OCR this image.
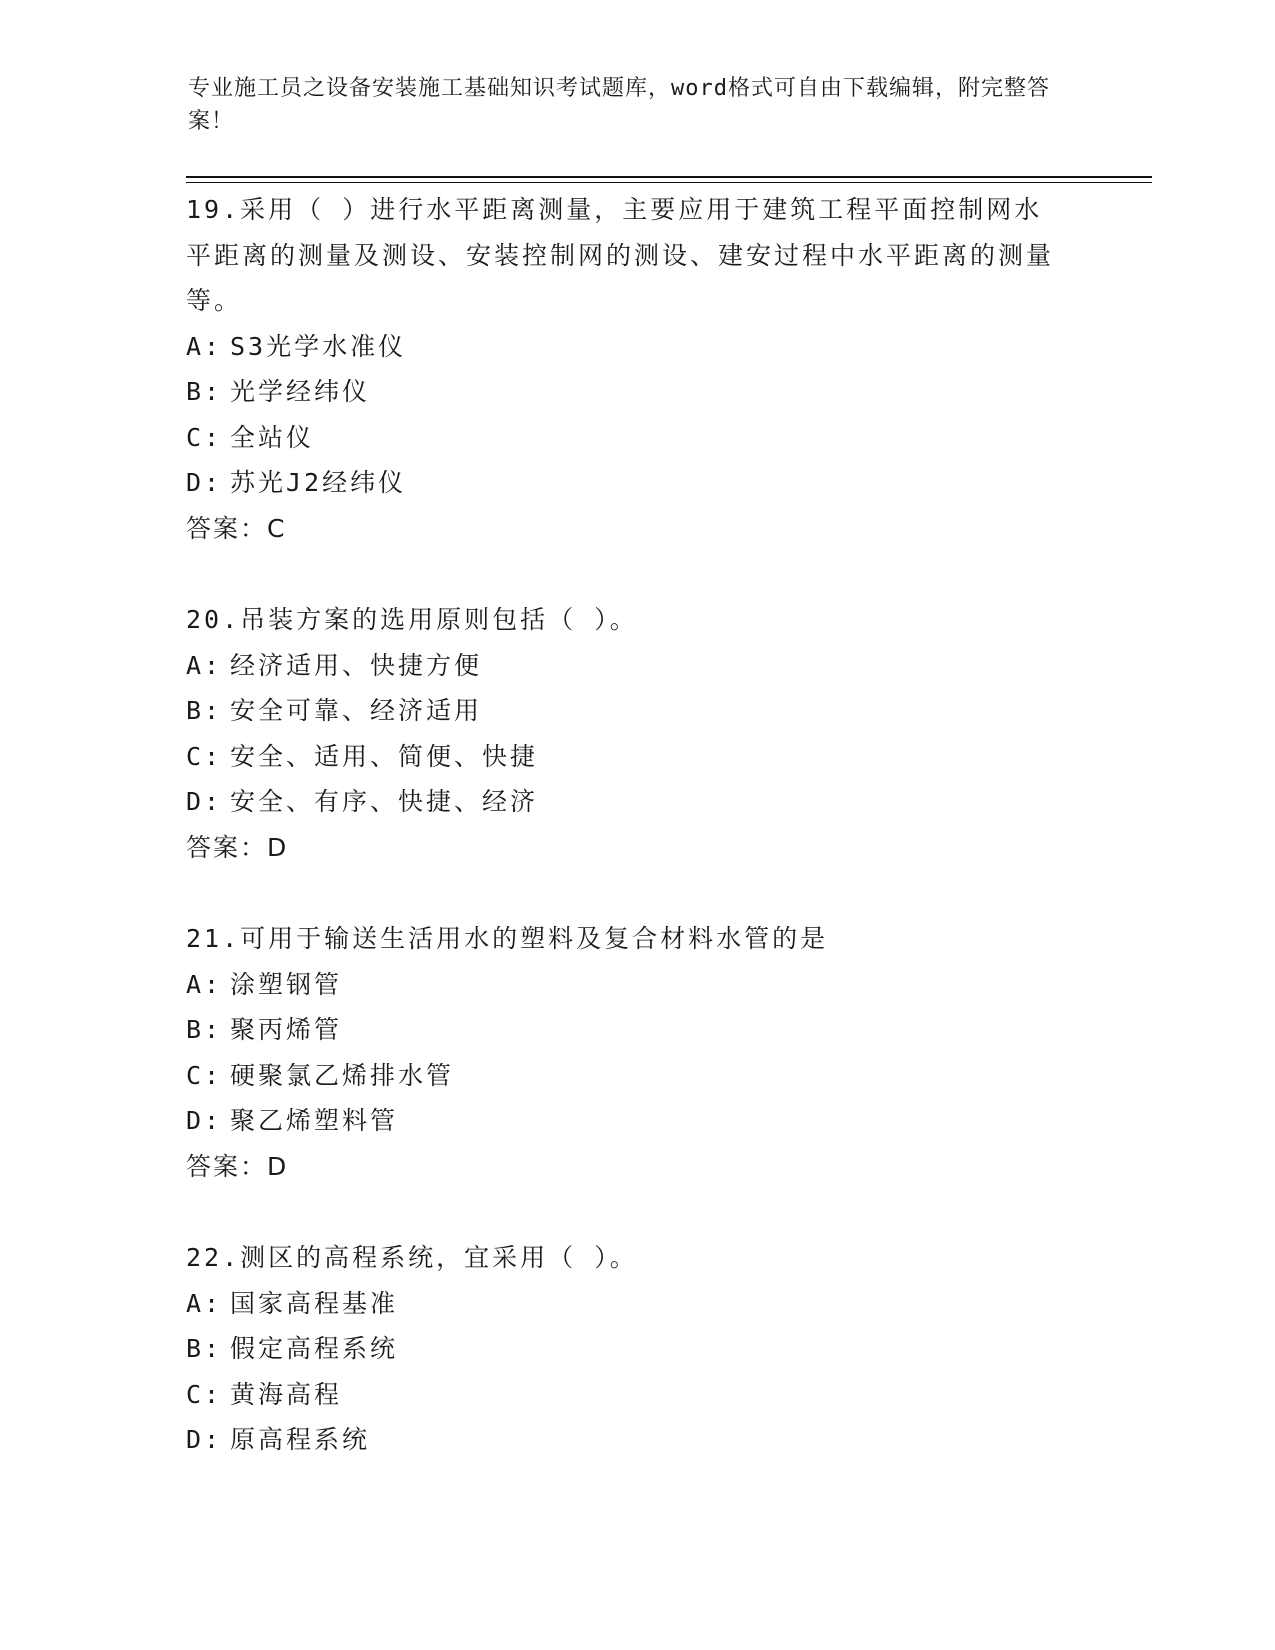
专业施工员之设备安装施工基础知识考试题库，word格式可自由下载编辑，附完整答案！
19.采用（ ）进行水平距离测量，主要应用于建筑工程平面控制网水平距离的测量及测设、安装控制网的测设、建安过程中水平距离的测量等。
A: S3光学水准仪
B: 光学经纬仪
C: 全站仪
D: 苏光J2经纬仪
答案：C
20.吊装方案的选用原则包括（ ）。
A: 经济适用、快捷方便
B: 安全可靠、经济适用
C: 安全、适用、简便、快捷
D: 安全、有序、快捷、经济
答案：D
21.可用于输送生活用水的塑料及复合材料水管的是
A: 涂塑钢管
B: 聚丙烯管
C: 硬聚氯乙烯排水管
D: 聚乙烯塑料管
答案：D
22.测区的高程系统，宜采用（ ）。
A: 国家高程基准
B: 假定高程系统
C: 黄海高程
D: 原高程系统
